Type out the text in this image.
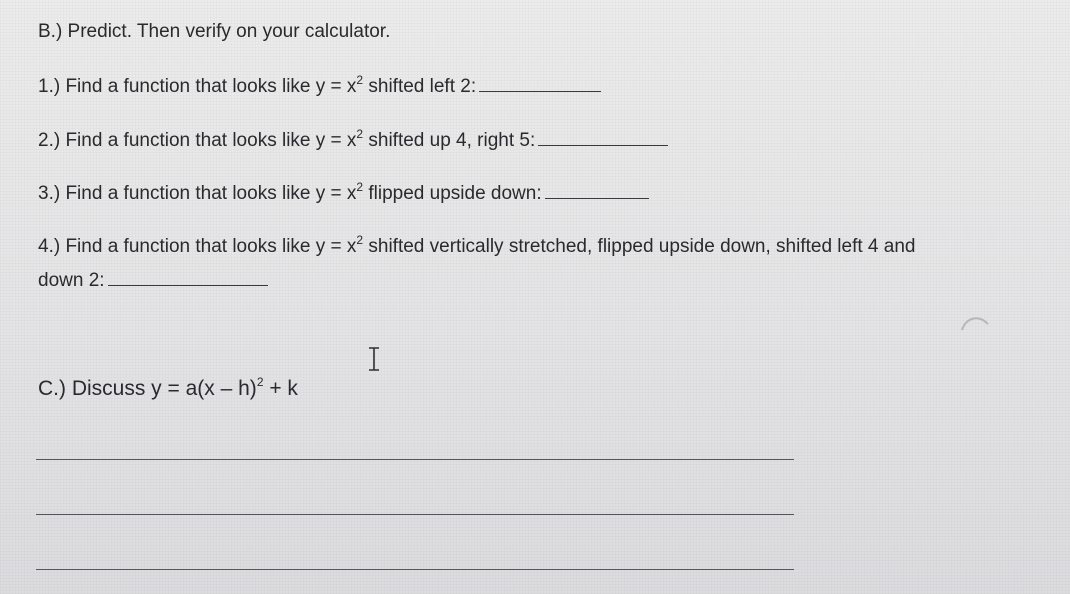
B.) Predict. Then verify on your calculator.
1.) Find a function that looks like $y = x^2$ shifted left 2:
2.) Find a function that looks like $y = x^2$ shifted up 4, right 5:
3.) Find a function that looks like $y = x^2$ flipped upside down:
4.) Find a function that looks like $y = x^2$ shifted vertically stretched, flipped upside down, shifted left 4 and
down 2:
C.) Discuss y = a(x – h)$^2$ + k
